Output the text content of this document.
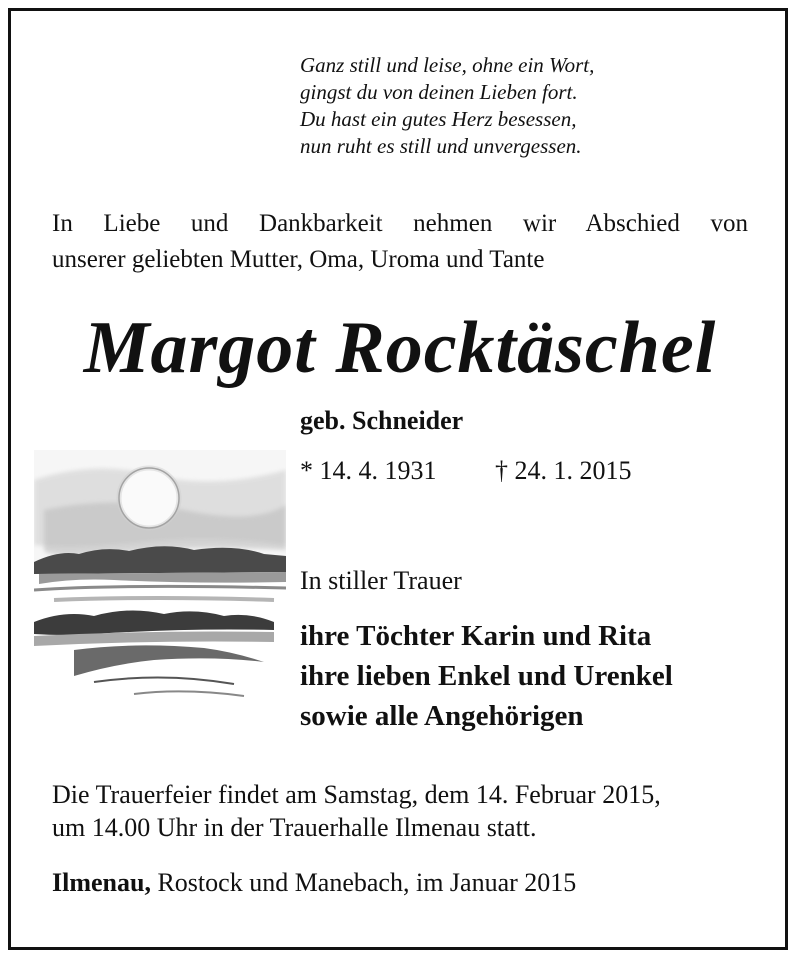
Ganz still und leise, ohne ein Wort,
gingst du von deinen Lieben fort.
Du hast ein gutes Herz besessen,
nun ruht es still und unvergessen.
In Liebe und Dankbarkeit nehmen wir Abschied von
unserer geliebten Mutter, Oma, Uroma und Tante
Margot Rocktäschel
geb. Schneider
* 14. 4. 1931 † 24. 1. 2015
In stiller Trauer
ihre Töchter Karin und Rita
ihre lieben Enkel und Urenkel
sowie alle Angehörigen
Die Trauerfeier findet am Samstag, dem 14. Februar 2015,
um 14.00 Uhr in der Trauerhalle Ilmenau statt.
Ilmenau, Rostock und Manebach, im Januar 2015
